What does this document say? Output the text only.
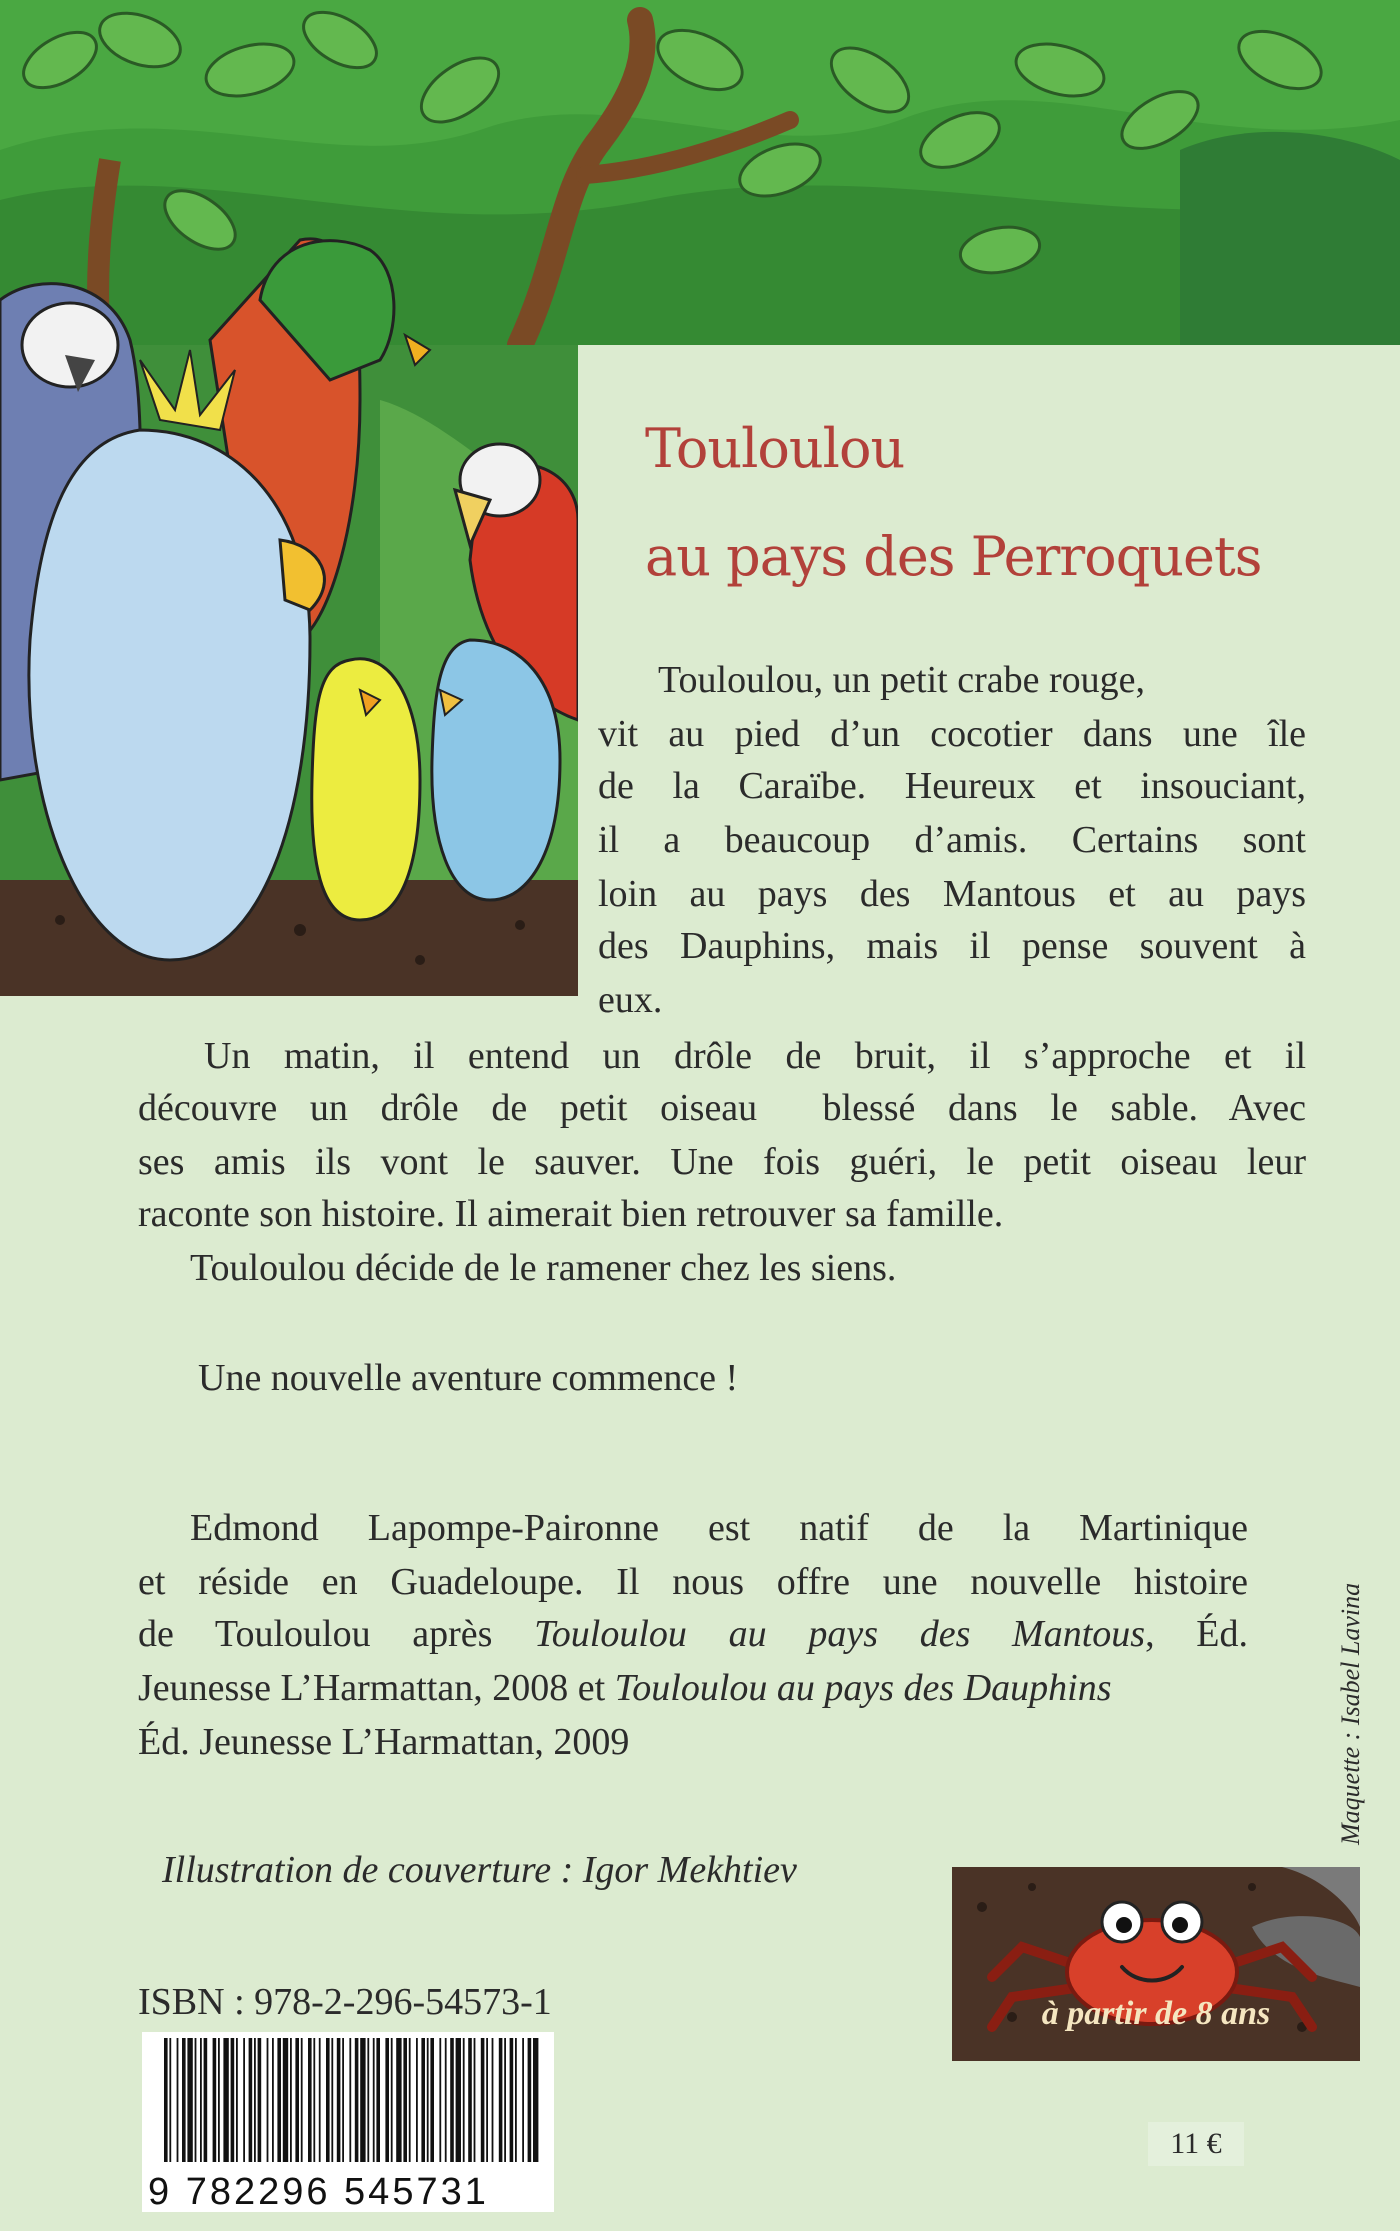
Touloulou
au pays des Perroquets
Touloulou, un petit crabe rouge,
vit au pied d’un cocotier dans une île
de la Caraïbe. Heureux et insouciant,
il a beaucoup d’amis. Certains sont
loin au pays des Mantous et au pays
des Dauphins, mais il pense souvent à
eux.
Un matin, il entend un drôle de bruit, il s’approche et il
découvre un drôle de petit oiseau  blessé dans le sable. Avec
ses amis ils vont le sauver. Une fois guéri, le petit oiseau leur
raconte son histoire. Il aimerait bien retrouver sa famille.
Touloulou décide de le ramener chez les siens.
Une nouvelle aventure commence !
Edmond Lapompe-Paironne est natif de la Martinique
et réside en Guadeloupe. Il nous offre une nouvelle histoire
de Touloulou après Touloulou au pays des Mantous, Éd.
Jeunesse L’Harmattan, 2008 et Touloulou au pays des Dauphins
Éd. Jeunesse L’Harmattan, 2009
Illustration de couverture : Igor Mekhtiev
Maquette : Isabel Lavina
à partir de 8 ans
ISBN : 978-2-296-54573-1
9 782296 545731
11 €
